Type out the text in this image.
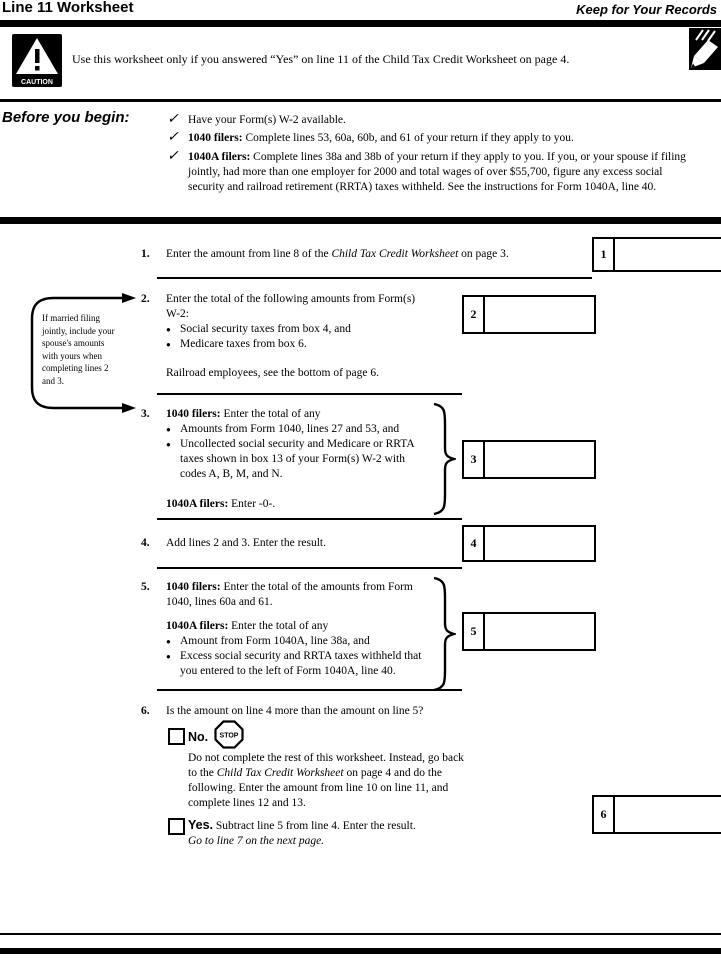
Line 11 Worksheet	Keep for Your Records
CAUTION
Use this worksheet only if you answered “Yes” on line 11 of the Child Tax Credit Worksheet on page 4.
Before you begin:	✓ Have your Form(s) W-2 available.
✓ 1040 filers: Complete lines 53, 60a, 60b, and 61 of your return if they apply to you.
✓ 1040A filers: Complete lines 38a and 38b of your return if they apply to you. If you, or your spouse if filing jointly, had more than one employer for 2000 and total wages of over $55,700, figure any excess social security and railroad retirement (RRTA) taxes withheld. See the instructions for Form 1040A, line 40.
1. Enter the amount from line 8 of the Child Tax Credit Worksheet on page 3.	1
If married filing jointly, include your spouse's amounts with yours when completing lines 2 and 3.
2. Enter the total of the following amounts from Form(s) W-2:
● Social security taxes from box 4, and
● Medicare taxes from box 6.
Railroad employees, see the bottom of page 6.
2
3. 1040 filers: Enter the total of any
● Amounts from Form 1040, lines 27 and 53, and
● Uncollected social security and Medicare or RRTA taxes shown in box 13 of your Form(s) W-2 with codes A, B, M, and N.
1040A filers: Enter -0-.
3
4. Add lines 2 and 3. Enter the result.	4
5. 1040 filers: Enter the total of the amounts from Form 1040, lines 60a and 61.
1040A filers: Enter the total of any
● Amount from Form 1040A, line 38a, and
● Excess social security and RRTA taxes withheld that you entered to the left of Form 1040A, line 40.
5
6. Is the amount on line 4 more than the amount on line 5?
No. STOP
Do not complete the rest of this worksheet. Instead, go back to the Child Tax Credit Worksheet on page 4 and do the following. Enter the amount from line 10 on line 11, and complete lines 12 and 13.
Yes. Subtract line 5 from line 4. Enter the result.
Go to line 7 on the next page.
6
